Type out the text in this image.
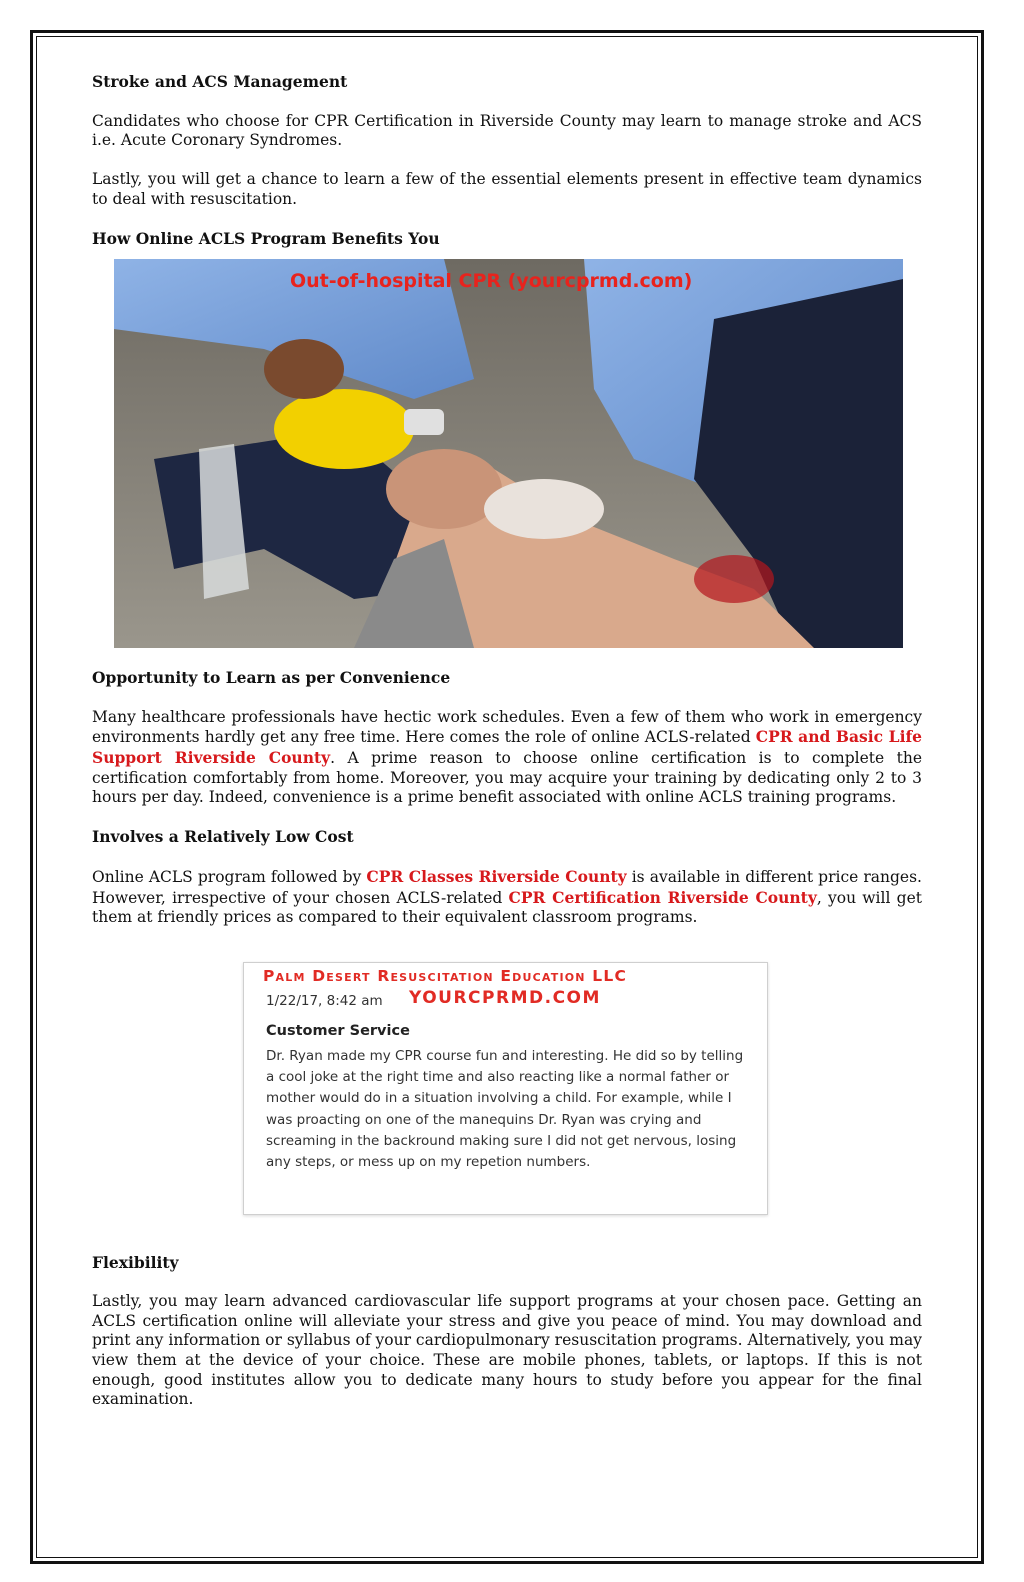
Stroke and ACS Management

Candidates who choose for CPR Certification in Riverside County may learn to manage stroke and ACS i.e. Acute Coronary Syndromes.

Lastly, you will get a chance to learn a few of the essential elements present in effective team dynamics to deal with resuscitation.

How Online ACLS Program Benefits You
Out-of-hospital CPR (yourcprmd.com)
Opportunity to Learn as per Convenience

Many healthcare professionals have hectic work schedules. Even a few of them who work in emergency environments hardly get any free time. Here comes the role of online ACLS-related CPR and Basic Life Support Riverside County. A prime reason to choose online certification is to complete the certification comfortably from home. Moreover, you may acquire your training by dedicating only 2 to 3 hours per day. Indeed, convenience is a prime benefit associated with online ACLS training programs.

Involves a Relatively Low Cost

Online ACLS program followed by CPR Classes Riverside County is available in different price ranges. However, irrespective of your chosen ACLS-related CPR Certification Riverside County, you will get them at friendly prices as compared to their equivalent classroom programs.

Palm Desert Resuscitation Education LLC
1/22/17, 8:42 am YOURCPRMD.COM
Customer Service
Dr. Ryan made my CPR course fun and interesting. He did so by telling a cool joke at the right time and also reacting like a normal father or mother would do in a situation involving a child. For example, while I was proacting on one of the manequins Dr. Ryan was crying and screaming in the backround making sure I did not get nervous, losing any steps, or mess up on my repetion numbers.
Flexibility

Lastly, you may learn advanced cardiovascular life support programs at your chosen pace. Getting an ACLS certification online will alleviate your stress and give you peace of mind. You may download and print any information or syllabus of your cardiopulmonary resuscitation programs. Alternatively, you may view them at the device of your choice. These are mobile phones, tablets, or laptops. If this is not enough, good institutes allow you to dedicate many hours to study before you appear for the final examination.
